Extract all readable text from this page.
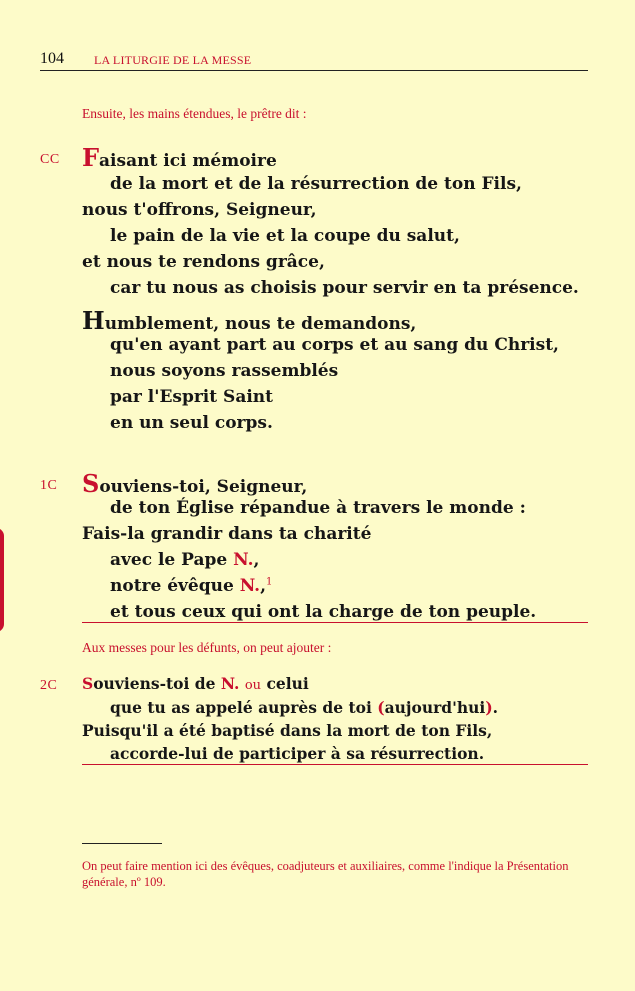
104	LA LITURGIE DE LA MESSE
Ensuite, les mains étendues, le prêtre dit :
CC Faisant ici mémoire
de la mort et de la résurrection de ton Fils,
nous t'offrons, Seigneur,
le pain de la vie et la coupe du salut,
et nous te rendons grâce,
car tu nous as choisis pour servir en ta présence.
Humblement, nous te demandons,
qu'en ayant part au corps et au sang du Christ,
nous soyons rassemblés
par l'Esprit Saint
en un seul corps.
1C Souviens-toi, Seigneur,
de ton Église répandue à travers le monde :
Fais-la grandir dans ta charité
avec le Pape N.,
notre évêque N.,$^1$
et tous ceux qui ont la charge de ton peuple.
Aux messes pour les défunts, on peut ajouter :
2C Souviens-toi de N. ou celui
que tu as appelé auprès de toi (aujourd'hui).
Puisqu'il a été baptisé dans la mort de ton Fils,
accorde-lui de participer à sa résurrection.
On peut faire mention ici des évêques, coadjuteurs et auxiliaires, comme l'indique la Présentation générale, nº 109.
